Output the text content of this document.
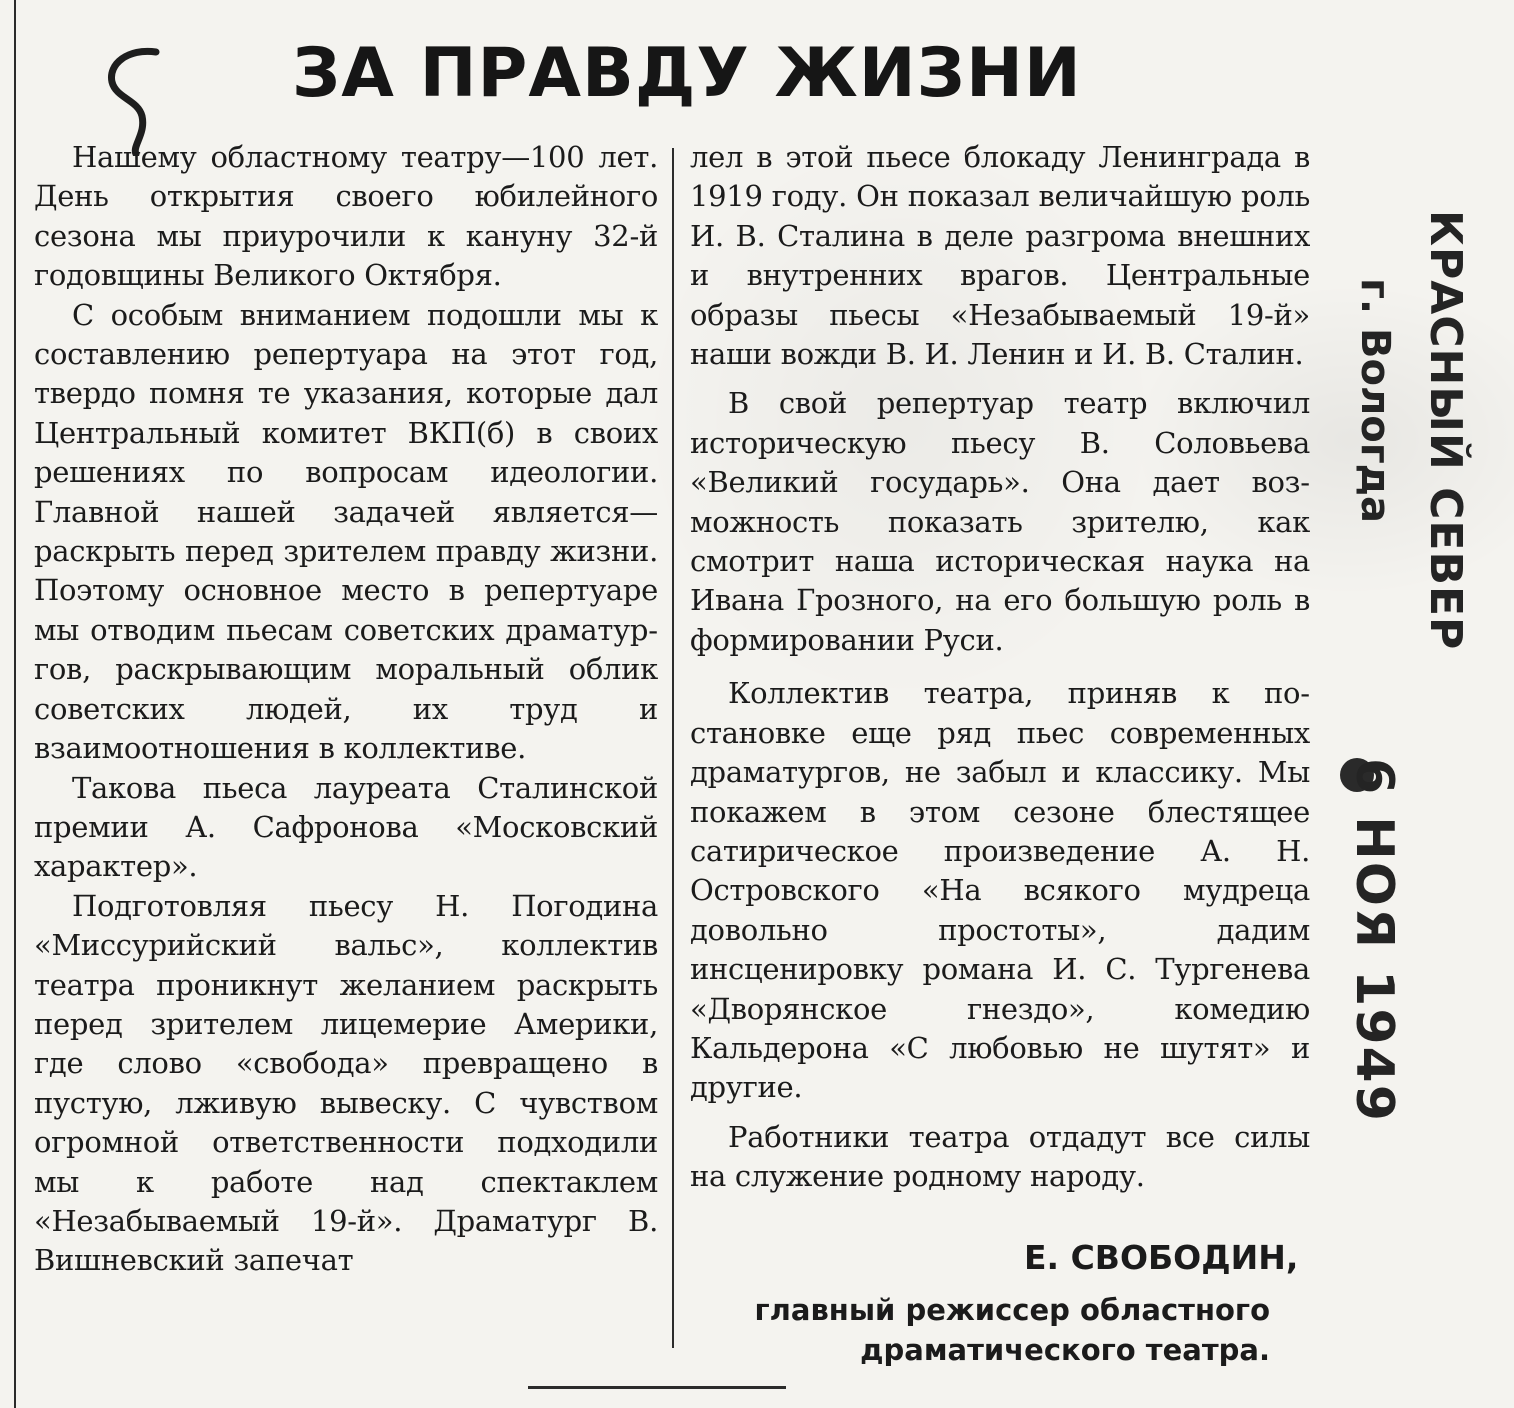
ЗА ПРАВДУ ЖИЗНИ

Нашему областному театру—100 лет. День открытия своего юбилейного сезона мы приурочили к кануну 32-й годовщины Великого Октября.

С особым вниманием подошли мы к составлению репертуара на этот год, твердо помня те указания, которые дал Центральный комитет ВКП(б) в своих решениях по вопросам идеологии. Главной нашей задачей является—раскрыть перед зрителем правду жизни. Поэтому основное место в репертуаре мы отводим пьесам советских драматургов, раскрывающим моральный облик советских людей, их труд и взаимоотношения в коллективе.

Такова пьеса лауреата Сталинской премии А. Сафронова «Московский характер».

Подготовляя пьесу Н. Погодина «Миссурийский вальс», коллектив театра проникнут желанием раскрыть перед зрителем лицемерие Америки, где слово «свобода» превращено в пустую, лживую вывеску. С чувством огромной ответственности подходили мы к работе над спектаклем «Незабываемый 19-й». Драматург В. Вишневский запечат

лел в этой пьесе блокаду Ленинграда в 1919 году. Он показал величайшую роль И. В. Сталина в деле разгрома внешних и внутренних врагов. Центральные образы пьесы «Незабываемый 19-й» наши вожди В. И. Ленин и И. В. Сталин.

В свой репертуар театр включил историческую пьесу В. Соловьева «Великий государь». Она дает возможность показать зрителю, как смотрит наша историческая наука на Ивана Грозного, на его большую роль в формировании Руси.

Коллектив театра, приняв к постановке еще ряд пьес современных драматургов, не забыл и классику. Мы покажем в этом сезоне блестящее сатирическое произведение А. Н. Островского «На всякого мудреца довольно простоты», дадим инсценировку романа И. С. Тургенева «Дворянское гнездо», комедию Кальдерона «С любовью не шутят» и другие.

Работники театра отдадут все силы на служение родному народу.

Е. СВОБОДИН,

главный режиссер областного драматического театра.

КРАСНЫЙ СЕВЕР
г. Вологда
6 НОЯ 1949
